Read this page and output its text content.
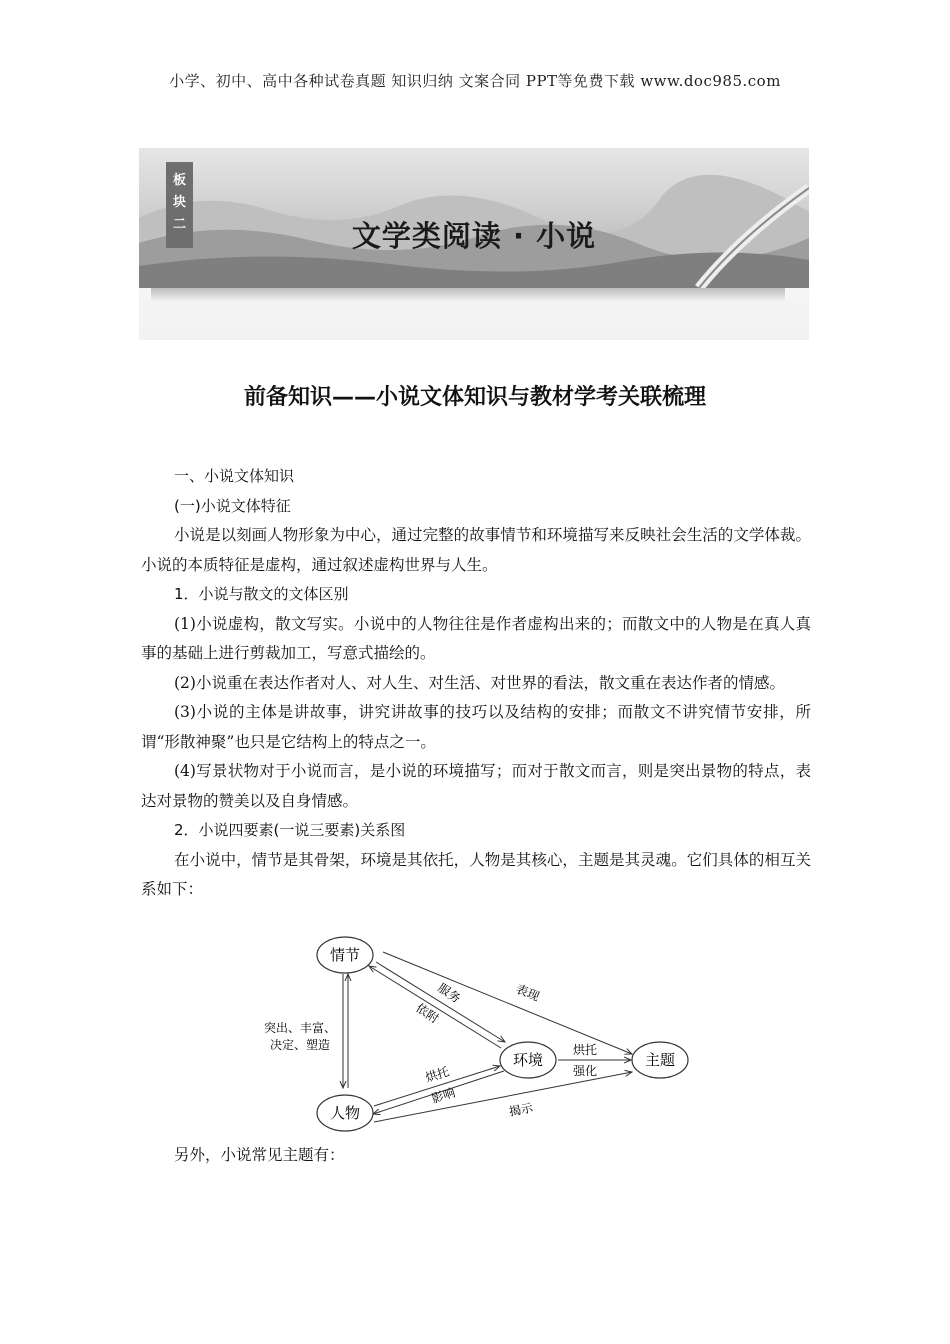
小学、初中、高中各种试卷真题 知识归纳 文案合同 PPT等免费下载 www.doc985.com
板
块
二	文学类阅读 · 小说
前备知识——小说文体知识与教材学考关联梳理

一、小说文体知识

(一)小说文体特征

小说是以刻画人物形象为中心，通过完整的故事情节和环境描写来反映社会生活的文学体裁。小说的本质特征是虚构，通过叙述虚构世界与人生。

1．小说与散文的文体区别

(1)小说虚构，散文写实。小说中的人物往往是作者虚构出来的；而散文中的人物是在真人真事的基础上进行剪裁加工，写意式描绘的。

(2)小说重在表达作者对人、对人生、对生活、对世界的看法，散文重在表达作者的情感。

(3)小说的主体是讲故事，讲究讲故事的技巧以及结构的安排；而散文不讲究情节安排，所谓“形散神聚”也只是它结构上的特点之一。

(4)写景状物对于小说而言，是小说的环境描写；而对于散文而言，则是突出景物的特点，表达对景物的赞美以及自身情感。

2．小说四要素(一说三要素)关系图

在小说中，情节是其骨架，环境是其依托，人物是其核心，主题是其灵魂。它们具体的相互关系如下：

情节
环境
人物
主题
突出、丰富、
决定、塑造
服
务
依
附
表现
烘托
强化
烘托
影响
揭示
另外，小说常见主题有：
